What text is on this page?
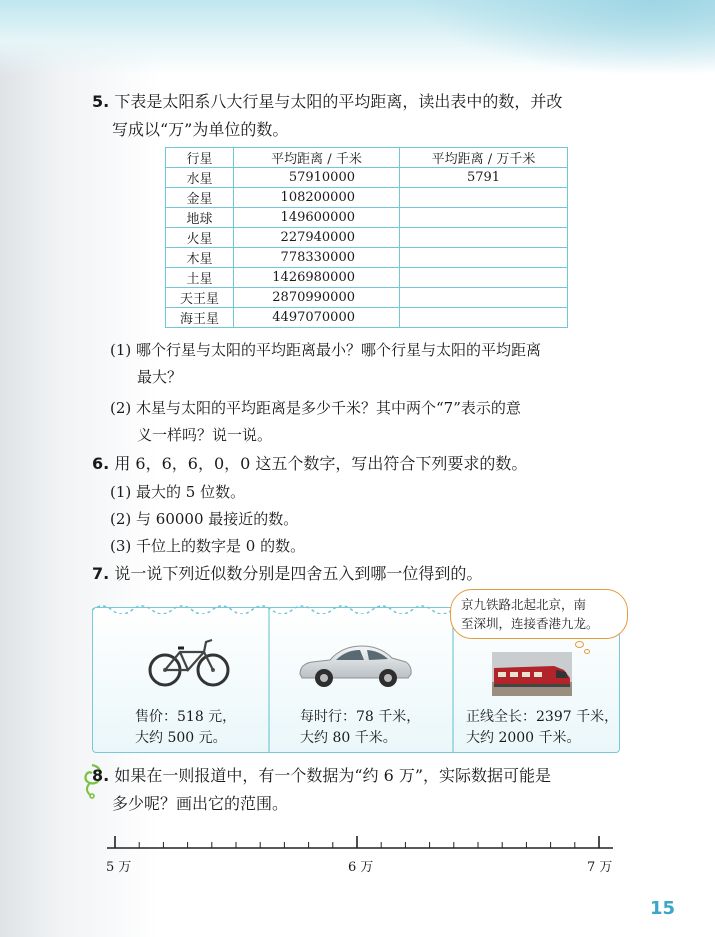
5. 下表是太阳系八大行星与太阳的平均距离，读出表中的数，并改
写成以“万”为单位的数。
行星	平均距离 / 千米	平均距离 / 万千米
水星	57910000	5791
金星	108200000	
地球	149600000	
火星	227940000	
木星	778330000	
土星	1426980000	
天王星	2870990000	
海王星	4497070000	
(1) 哪个行星与太阳的平均距离最小？哪个行星与太阳的平均距离
最大？
(2) 木星与太阳的平均距离是多少千米？其中两个“7”表示的意
义一样吗？说一说。
6. 用 6，6，6，0，0 这五个数字，写出符合下列要求的数。
(1) 最大的 5 位数。
(2) 与 60000 最接近的数。
(3) 千位上的数字是 0 的数。
7. 说一说下列近似数分别是四舍五入到哪一位得到的。
京九铁路北起北京，南
至深圳，连接香港九龙。
售价：518 元，
大约 500 元。
每时行：78 千米，
大约 80 千米。
正线全长：2397 千米，
大约 2000 千米。
8. 如果在一则报道中，有一个数据为“约 6 万”，实际数据可能是
多少呢？画出它的范围。
5 万	6 万	7 万
15
